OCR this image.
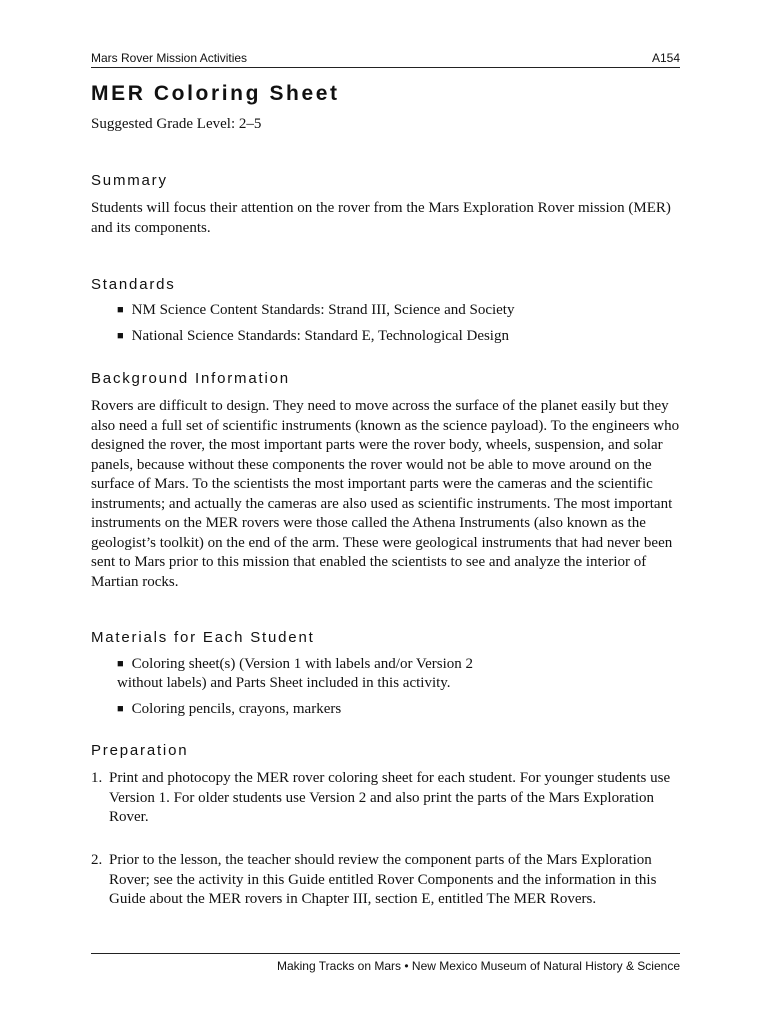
Mars Rover Mission Activities	A154
MER Coloring Sheet
Suggested Grade Level: 2–5
Summary

Students will focus their attention on the rover from the Mars Exploration Rover mission (MER) and its components.

Standards

■ NM Science Content Standards: Strand III, Science and Society

■ National Science Standards: Standard E, Technological Design

Background Information

Rovers are difficult to design. They need to move across the surface of the planet easily but they also need a full set of scientific instruments (known as the science payload). To the engineers who designed the rover, the most important parts were the rover body, wheels, suspension, and solar panels, because without these components the rover would not be able to move around on the surface of Mars. To the scientists the most important parts were the cameras and the scientific instruments; and actually the cameras are also used as scientific instruments. The most important instruments on the MER rovers were those called the Athena Instruments (also known as the geologist’s toolkit) on the end of the arm. These were geological instruments that had never been sent to Mars prior to this mission that enabled the scientists to see and analyze the interior of Martian rocks.

Materials for Each Student

■ Coloring sheet(s) (Version 1 with labels and/or Version 2

without labels) and Parts Sheet included in this activity.

■ Coloring pencils, crayons, markers

Preparation

1. Print and photocopy the MER rover coloring sheet for each student. For younger students use Version 1. For older students use Version 2 and also print the parts of the Mars Exploration Rover.

2. Prior to the lesson, the teacher should review the component parts of the Mars Exploration Rover; see the activity in this Guide entitled Rover Components and the information in this Guide about the MER rovers in Chapter III, section E, entitled The MER Rovers.

Making Tracks on Mars • New Mexico Museum of Natural History & Science
